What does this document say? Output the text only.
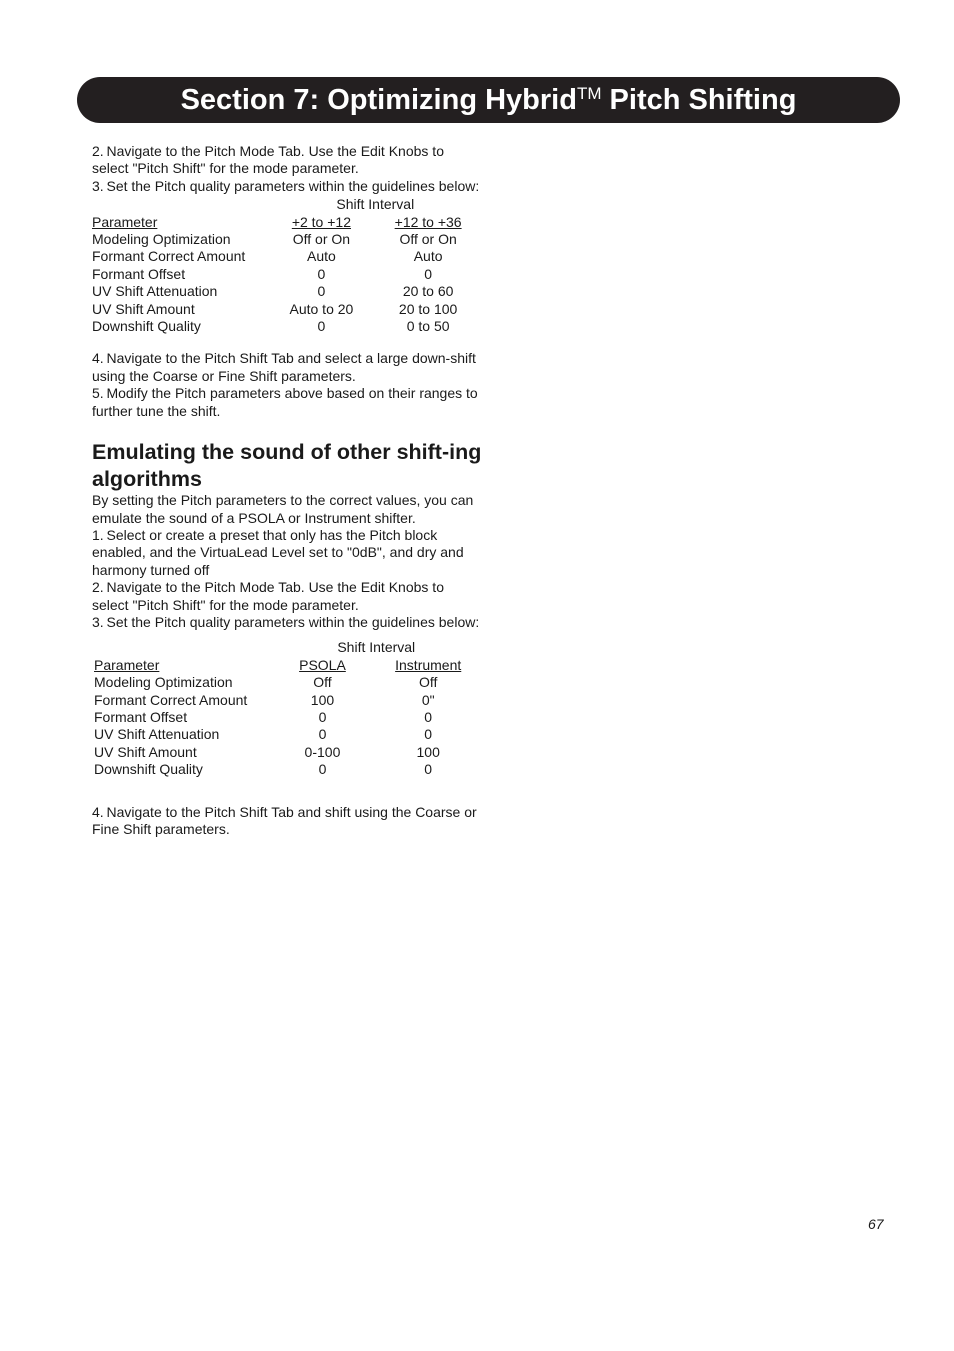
Section 7: Optimizing Hybrid™ Pitch Shifting

2. Navigate to the Pitch Mode Tab. Use the Edit Knobs to select "Pitch Shift" for the mode parameter.

3. Set the Pitch quality parameters within the guidelines below:

	Shift Interval	
Parameter	+2 to +12	+12 to +36
Modeling Optimization	Off or On	Off or On
Formant Correct Amount	Auto	Auto
Formant Offset	0	0
UV Shift Attenuation	0	20 to 60
UV Shift Amount	Auto to 20	20 to 100
Downshift Quality	0	0 to 50

4. Navigate to the Pitch Shift Tab and select a large down-shift using the Coarse or Fine Shift parameters.

5. Modify the Pitch parameters above based on their ranges to further tune the shift.

Emulating the sound of other shift-ing algorithms

By setting the Pitch parameters to the correct values, you can emulate the sound of a PSOLA or Instrument shifter.

1. Select or create a preset that only has the Pitch block enabled, and the VirtuaLead Level set to "0dB", and dry and harmony turned off

2. Navigate to the Pitch Mode Tab. Use the Edit Knobs to select "Pitch Shift" for the mode parameter.

3. Set the Pitch quality parameters within the guidelines below:

	Shift Interval	
Parameter	PSOLA	Instrument
Modeling Optimization	Off	Off
Formant Correct Amount	100	0"
Formant Offset	0	0
UV Shift Attenuation	0	0
UV Shift Amount	0-100	100
Downshift Quality	0	0

4. Navigate to the Pitch Shift Tab and shift using the Coarse or Fine Shift parameters.

67
